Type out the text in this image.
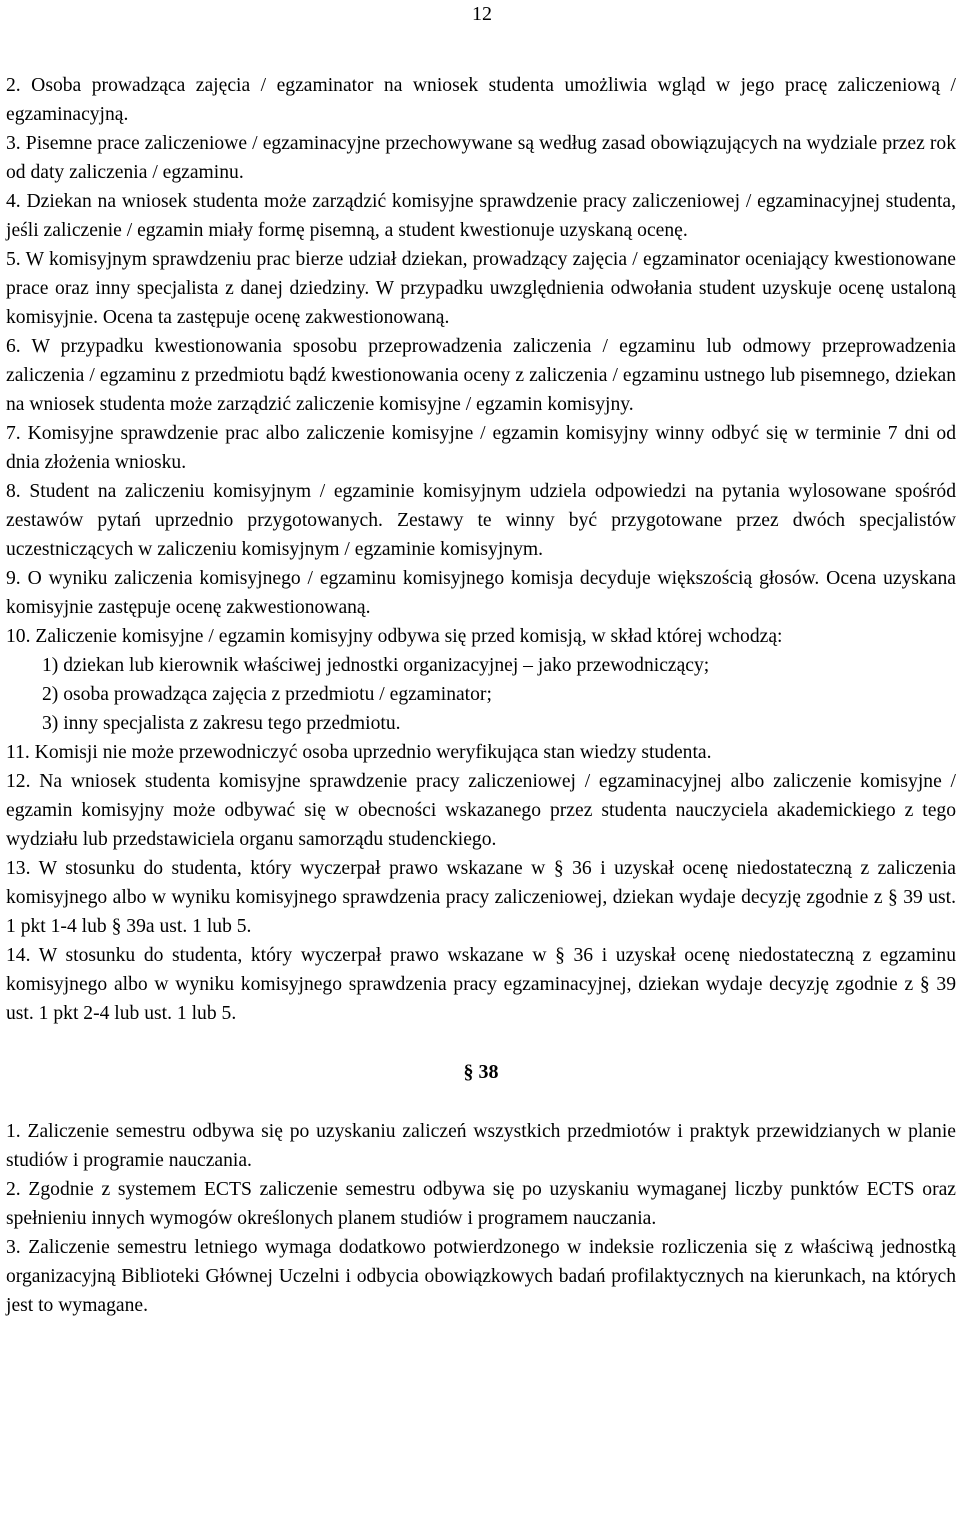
12

2. Osoba prowadząca zajęcia / egzaminator na wniosek studenta umożliwia wgląd w jego pracę zaliczeniową / egzaminacyjną.

3. Pisemne prace zaliczeniowe / egzaminacyjne przechowywane są według zasad obowiązujących na wydziale przez rok od daty zaliczenia / egzaminu.

4. Dziekan na wniosek studenta może zarządzić komisyjne sprawdzenie pracy zaliczeniowej / egzaminacyjnej studenta, jeśli zaliczenie / egzamin miały formę pisemną, a student kwestionuje uzyskaną ocenę.

5. W komisyjnym sprawdzeniu prac bierze udział dziekan, prowadzący zajęcia / egzaminator oceniający kwestionowane prace oraz inny specjalista z danej dziedziny. W przypadku uwzględnienia odwołania student uzyskuje ocenę ustaloną komisyjnie. Ocena ta zastępuje ocenę zakwestionowaną.

6. W przypadku kwestionowania sposobu przeprowadzenia zaliczenia / egzaminu lub odmowy przeprowadzenia zaliczenia / egzaminu z przedmiotu bądź kwestionowania oceny z zaliczenia / egzaminu ustnego lub pisemnego, dziekan na wniosek studenta może zarządzić zaliczenie komisyjne / egzamin komisyjny.

7. Komisyjne sprawdzenie prac albo zaliczenie komisyjne / egzamin komisyjny winny odbyć się w terminie 7 dni od dnia złożenia wniosku.

8. Student na zaliczeniu komisyjnym / egzaminie komisyjnym udziela odpowiedzi na pytania wylosowane spośród zestawów pytań uprzednio przygotowanych. Zestawy te winny być przygotowane przez dwóch specjalistów uczestniczących w zaliczeniu komisyjnym / egzaminie komisyjnym.

9. O wyniku zaliczenia komisyjnego / egzaminu komisyjnego komisja decyduje większością głosów. Ocena uzyskana komisyjnie zastępuje ocenę zakwestionowaną.

10. Zaliczenie komisyjne / egzamin komisyjny odbywa się przed komisją, w skład której wchodzą:

1) dziekan lub kierownik właściwej jednostki organizacyjnej – jako przewodniczący;

2) osoba prowadząca zajęcia z przedmiotu / egzaminator;

3) inny specjalista z zakresu tego przedmiotu.

11. Komisji nie może przewodniczyć osoba uprzednio weryfikująca stan wiedzy studenta.

12. Na wniosek studenta komisyjne sprawdzenie pracy zaliczeniowej / egzaminacyjnej albo zaliczenie komisyjne / egzamin komisyjny może odbywać się w obecności wskazanego przez studenta nauczyciela akademickiego z tego wydziału lub przedstawiciela organu samorządu studenckiego.

13. W stosunku do studenta, który wyczerpał prawo wskazane w § 36 i uzyskał ocenę niedostateczną z zaliczenia komisyjnego albo w wyniku komisyjnego sprawdzenia pracy zaliczeniowej, dziekan wydaje decyzję zgodnie z § 39 ust. 1 pkt 1-4 lub § 39a ust. 1 lub 5.

14. W stosunku do studenta, który wyczerpał prawo wskazane w § 36 i uzyskał ocenę niedostateczną z egzaminu komisyjnego albo w wyniku komisyjnego sprawdzenia pracy egzaminacyjnej, dziekan wydaje decyzję zgodnie z § 39 ust. 1 pkt 2-4 lub ust. 1 lub 5.

§ 38

1. Zaliczenie semestru odbywa się po uzyskaniu zaliczeń wszystkich przedmiotów i praktyk przewidzianych w planie studiów i programie nauczania.

2. Zgodnie z systemem ECTS zaliczenie semestru odbywa się po uzyskaniu wymaganej liczby punktów ECTS oraz spełnieniu innych wymogów określonych planem studiów i programem nauczania.

3. Zaliczenie semestru letniego wymaga dodatkowo potwierdzonego w indeksie rozliczenia się z właściwą jednostką organizacyjną Biblioteki Głównej Uczelni i odbycia obowiązkowych badań profilaktycznych na kierunkach, na których jest to wymagane.
